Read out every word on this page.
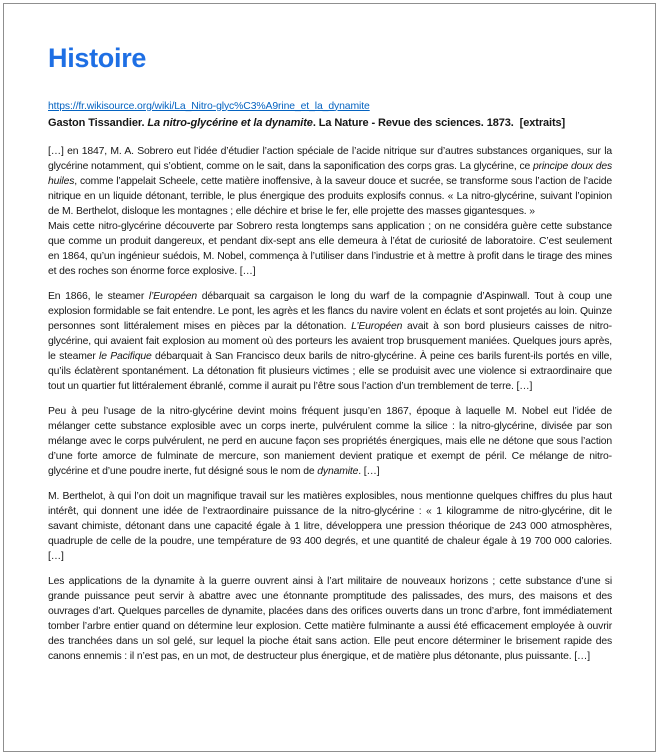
Histoire
https://fr.wikisource.org/wiki/La_Nitro-glyc%C3%A9rine_et_la_dynamite

Gaston Tissandier. La nitro-glycérine et la dynamite. La Nature - Revue des sciences. 1873.  [extraits]

[…] en 1847, M. A. Sobrero eut l’idée d’étudier l’action spéciale de l’acide nitrique sur d’autres substances organiques, sur la glycérine notamment, qui s’obtient, comme on le sait, dans la saponification des corps gras. La glycérine, ce principe doux des huiles, comme l’appelait Scheele, cette matière inoffensive, à la saveur douce et sucrée, se transforme sous l’action de l’acide nitrique en un liquide détonant, terrible, le plus énergique des produits explosifs connus. « La nitro-glycérine, suivant l’opinion de M. Berthelot, disloque les montagnes ; elle déchire et brise le fer, elle projette des masses gigantesques. »

Mais cette nitro-glycérine découverte par Sobrero resta longtemps sans application ; on ne considéra guère cette substance que comme un produit dangereux, et pendant dix-sept ans elle demeura à l’état de curiosité de laboratoire. C’est seulement en 1864, qu’un ingénieur suédois, M. Nobel, commença à l’utiliser dans l’industrie et à mettre à profit dans le tirage des mines et des roches son énorme force explosive. […]

En 1866, le steamer l’Européen débarquait sa cargaison le long du warf de la compagnie d’Aspinwall. Tout à coup une explosion formidable se fait entendre. Le pont, les agrès et les flancs du navire volent en éclats et sont projetés au loin. Quinze personnes sont littéralement mises en pièces par la détonation. L’Européen avait à son bord plusieurs caisses de nitro-glycérine, qui avaient fait explosion au moment où des porteurs les avaient trop brusquement maniées. Quelques jours après, le steamer le Pacifique débarquait à San Francisco deux barils de nitro-glycérine. À peine ces barils furent-ils portés en ville, qu’ils éclatèrent spontanément. La détonation fit plusieurs victimes ; elle se produisit avec une violence si extraordinaire que tout un quartier fut littéralement ébranlé, comme il aurait pu l’être sous l’action d’un tremblement de terre. […]

Peu à peu l’usage de la nitro-glycérine devint moins fréquent jusqu’en 1867, époque à laquelle M. Nobel eut l’idée de mélanger cette substance explosible avec un corps inerte, pulvérulent comme la silice : la nitro-glycérine, divisée par son mélange avec le corps pulvérulent, ne perd en aucune façon ses propriétés énergiques, mais elle ne détone que sous l’action d’une forte amorce de fulminate de mercure, son maniement devient pratique et exempt de péril. Ce mélange de nitro-glycérine et d’une poudre inerte, fut désigné sous le nom de dynamite. […]

M. Berthelot, à qui l’on doit un magnifique travail sur les matières explosibles, nous mentionne quelques chiffres du plus haut intérêt, qui donnent une idée de l’extraordinaire puissance de la nitro-glycérine : « 1 kilogramme de nitro-glycérine, dit le savant chimiste, détonant dans une capacité égale à 1 litre, développera une pression théorique de 243 000 atmosphères, quadruple de celle de la poudre, une température de 93 400 degrés, et une quantité de chaleur égale à 19 700 000 calories. […]

Les applications de la dynamite à la guerre ouvrent ainsi à l’art militaire de nouveaux horizons ; cette substance d’une si grande puissance peut servir à abattre avec une étonnante promptitude des palissades, des murs, des maisons et des ouvrages d’art. Quelques parcelles de dynamite, placées dans des orifices ouverts dans un tronc d’arbre, font immédiatement tomber l’arbre entier quand on détermine leur explosion. Cette matière fulminante a aussi été efficacement employée à ouvrir des tranchées dans un sol gelé, sur lequel la pioche était sans action. Elle peut encore déterminer le brisement rapide des canons ennemis : il n’est pas, en un mot, de destructeur plus énergique, et de matière plus détonante, plus puissante. […]
